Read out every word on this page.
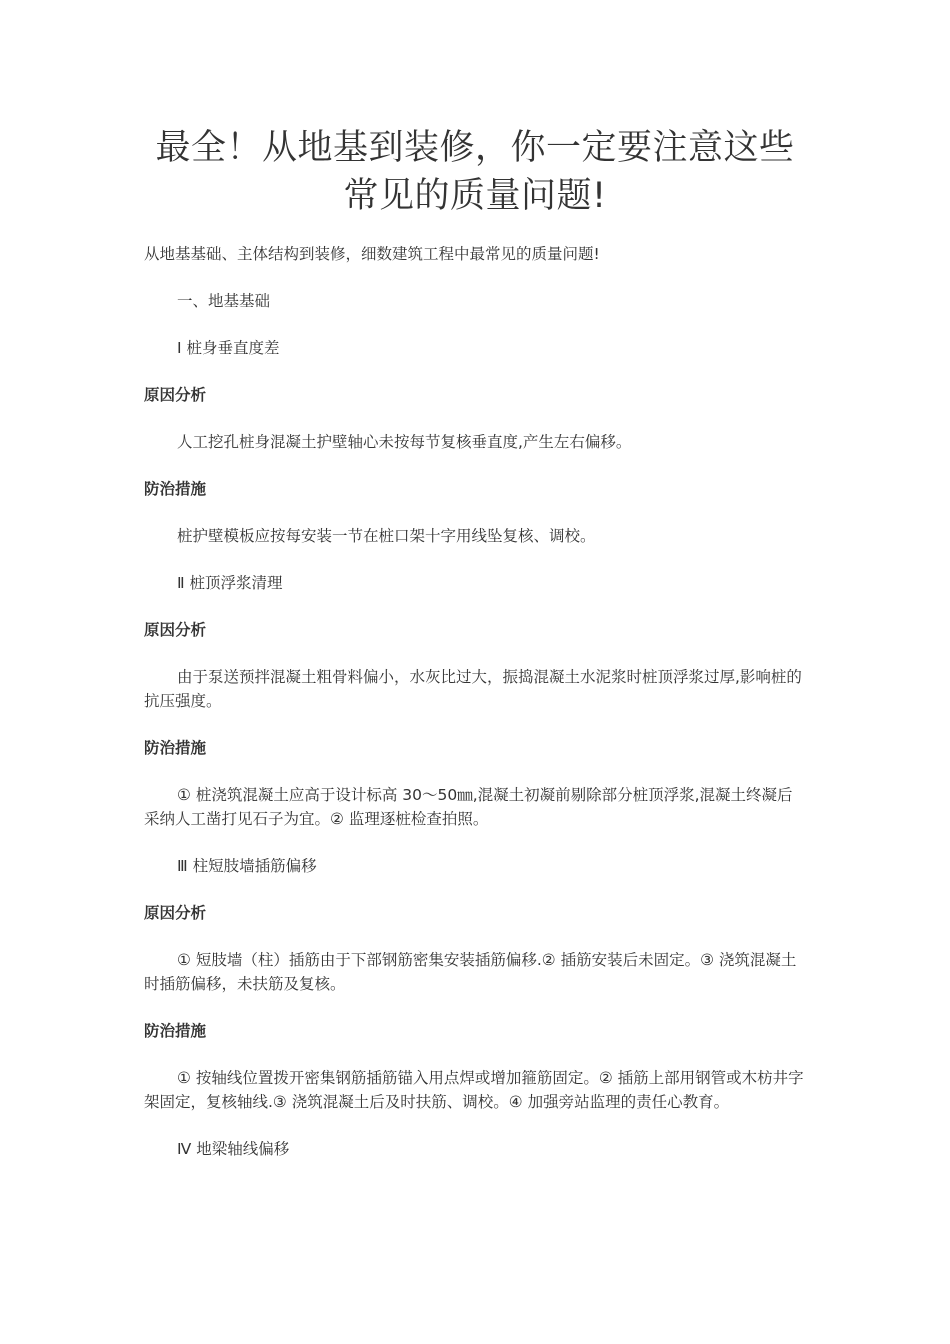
最全！从地基到装修，你一定要注意这些
常见的质量问题!

从地基基础、主体结构到装修，细数建筑工程中最常见的质量问题!

一、地基基础

Ⅰ 桩身垂直度差

原因分析

人工挖孔桩身混凝土护壁轴心未按每节复核垂直度,产生左右偏移。

防治措施

桩护壁模板应按每安装一节在桩口架十字用线坠复核、调校。

Ⅱ 桩顶浮浆清理

原因分析

由于泵送预拌混凝土粗骨料偏小，水灰比过大，振捣混凝土水泥浆时桩顶浮浆过厚,影响桩的抗压强度。

防治措施

① 桩浇筑混凝土应高于设计标高 30～50㎜,混凝土初凝前剔除部分桩顶浮浆,混凝土终凝后采纳人工凿打见石子为宜。② 监理逐桩检查拍照。

Ⅲ 柱短肢墙插筋偏移

原因分析

① 短肢墙（柱）插筋由于下部钢筋密集安装插筋偏移.② 插筋安装后未固定。③ 浇筑混凝土时插筋偏移，未扶筋及复核。

防治措施

① 按轴线位置拨开密集钢筋插筋锚入用点焊或增加箍筋固定。② 插筋上部用钢管或木枋井字架固定，复核轴线.③ 浇筑混凝土后及时扶筋、调校。④ 加强旁站监理的责任心教育。

Ⅳ 地梁轴线偏移
